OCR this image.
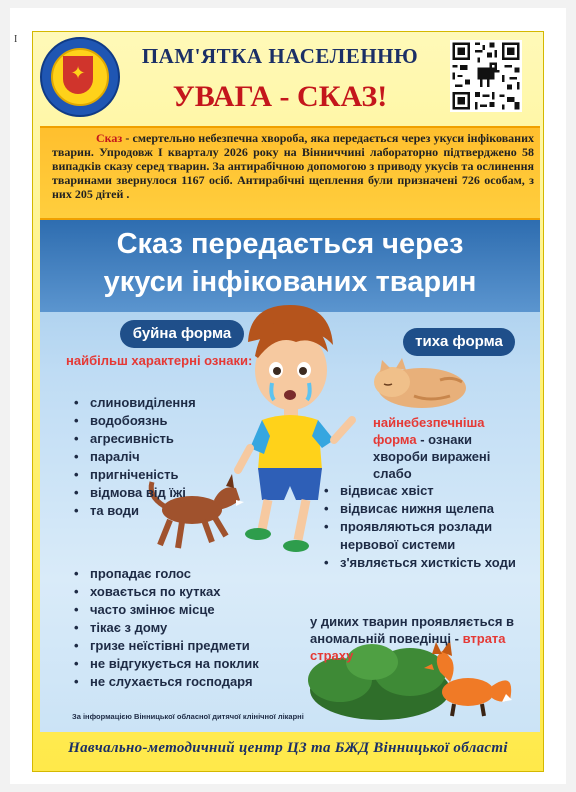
I
✦
ПАМ'ЯТКА НАСЕЛЕННЮ
УВАГА - СКАЗ!

Сказ - смертельно небезпечна хвороба, яка передається через укуси інфікованих тварин. Упродовж І кварталу 2026 року на Вінниччині лабораторно підтверджено 58 випадків сказу серед тварин. За антирабічною допомогою з приводу укусів та ослинення тваринами звернулося 1167 осіб. Антирабічні щеплення були призначені 726 особам, з них 205 дітей .

Сказ передається через
укуси інфікованих тварин
буйна форма	тиха форма
найбільш характерні ознаки:
найнебезпечніша форма - ознаки хвороби виражені слабо
• слиновиділення
• водобоязнь
• агресивність
• параліч
• пригніченість
• відмова від їжі
• та води
• відвисає хвіст
• відвисає нижня щелепа
• проявляються розлади нервової системи
• з'являється хисткість ходи
• пропадає голос
• ховається по кутках
• часто змінює місце
• тікає з дому
• гризе неїстівні предмети
• не відгукується на поклик
• не слухається господаря
у диких тварин проявляється в аномальній поведінці - втрата страху
За інформацією Вінницької обласної дитячої клінічної лікарні
Навчально-методичний центр ЦЗ та БЖД Вінницької області
